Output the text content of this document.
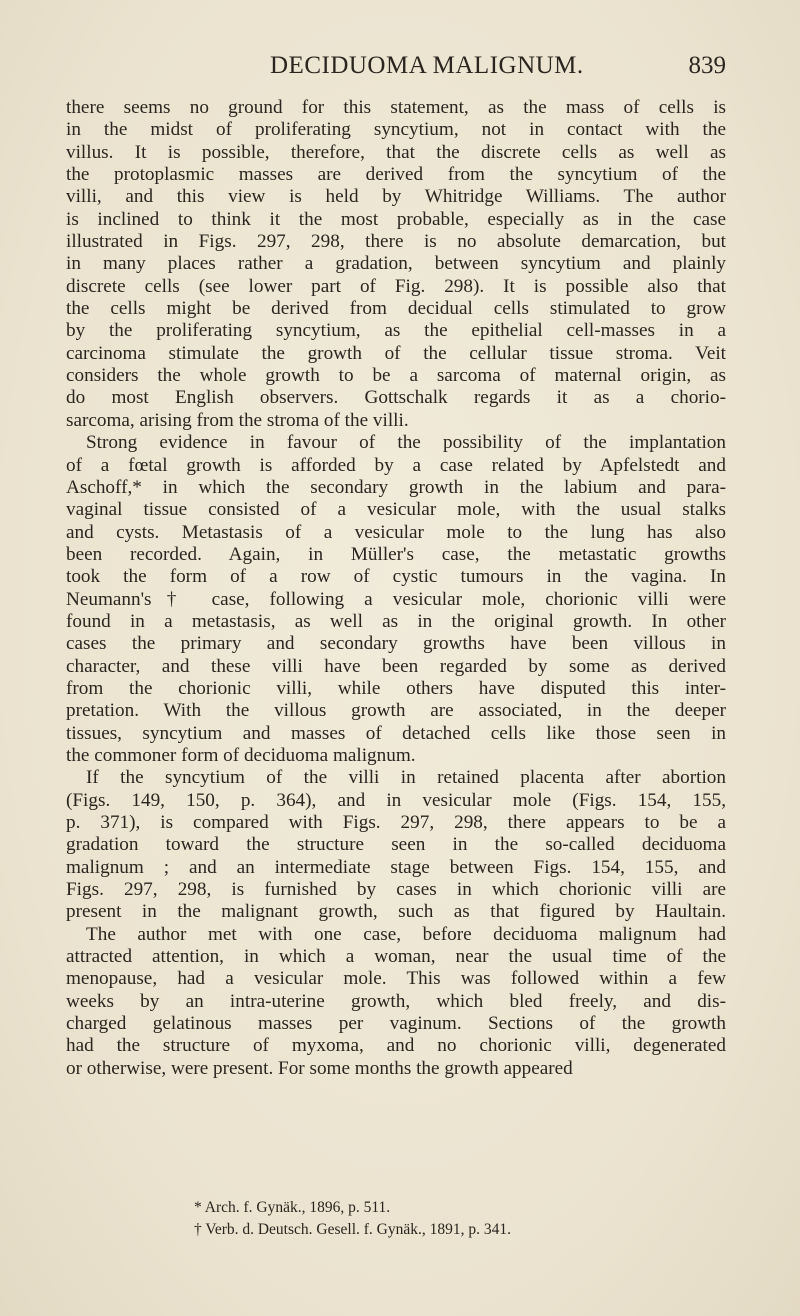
DECIDUOMA MALIGNUM.	839
there seems no ground for this statement, as the mass of cells is
in the midst of proliferating syncytium, not in contact with the
villus. It is possible, therefore, that the discrete cells as well as
the protoplasmic masses are derived from the syncytium of the
villi, and this view is held by Whitridge Williams. The author
is inclined to think it the most probable, especially as in the case
illustrated in Figs. 297, 298, there is no absolute demarcation, but
in many places rather a gradation, between syncytium and plainly
discrete cells (see lower part of Fig. 298). It is possible also that
the cells might be derived from decidual cells stimulated to grow
by the proliferating syncytium, as the epithelial cell-masses in a
carcinoma stimulate the growth of the cellular tissue stroma. Veit
considers the whole growth to be a sarcoma of maternal origin, as
do most English observers. Gottschalk regards it as a chorio-
sarcoma, arising from the stroma of the villi.
Strong evidence in favour of the possibility of the implantation
of a fœtal growth is afforded by a case related by Apfelstedt and
Aschoff,* in which the secondary growth in the labium and para-
vaginal tissue consisted of a vesicular mole, with the usual stalks
and cysts. Metastasis of a vesicular mole to the lung has also
been recorded. Again, in Müller's case, the metastatic growths
took the form of a row of cystic tumours in the vagina. In
Neumann's† case, following a vesicular mole, chorionic villi were
found in a metastasis, as well as in the original growth. In other
cases the primary and secondary growths have been villous in
character, and these villi have been regarded by some as derived
from the chorionic villi, while others have disputed this inter-
pretation. With the villous growth are associated, in the deeper
tissues, syncytium and masses of detached cells like those seen in
the commoner form of deciduoma malignum.
If the syncytium of the villi in retained placenta after abortion
(Figs. 149, 150, p. 364), and in vesicular mole (Figs. 154, 155,
p. 371), is compared with Figs. 297, 298, there appears to be a
gradation toward the structure seen in the so-called deciduoma
malignum ; and an intermediate stage between Figs. 154, 155, and
Figs. 297, 298, is furnished by cases in which chorionic villi are
present in the malignant growth, such as that figured by Haultain.
The author met with one case, before deciduoma malignum had
attracted attention, in which a woman, near the usual time of the
menopause, had a vesicular mole. This was followed within a few
weeks by an intra-uterine growth, which bled freely, and dis-
charged gelatinous masses per vaginum. Sections of the growth
had the structure of myxoma, and no chorionic villi, degenerated
or otherwise, were present. For some months the growth appeared
* Arch. f. Gynäk., 1896, p. 511.
† Verb. d. Deutsch. Gesell. f. Gynäk., 1891, p. 341.
